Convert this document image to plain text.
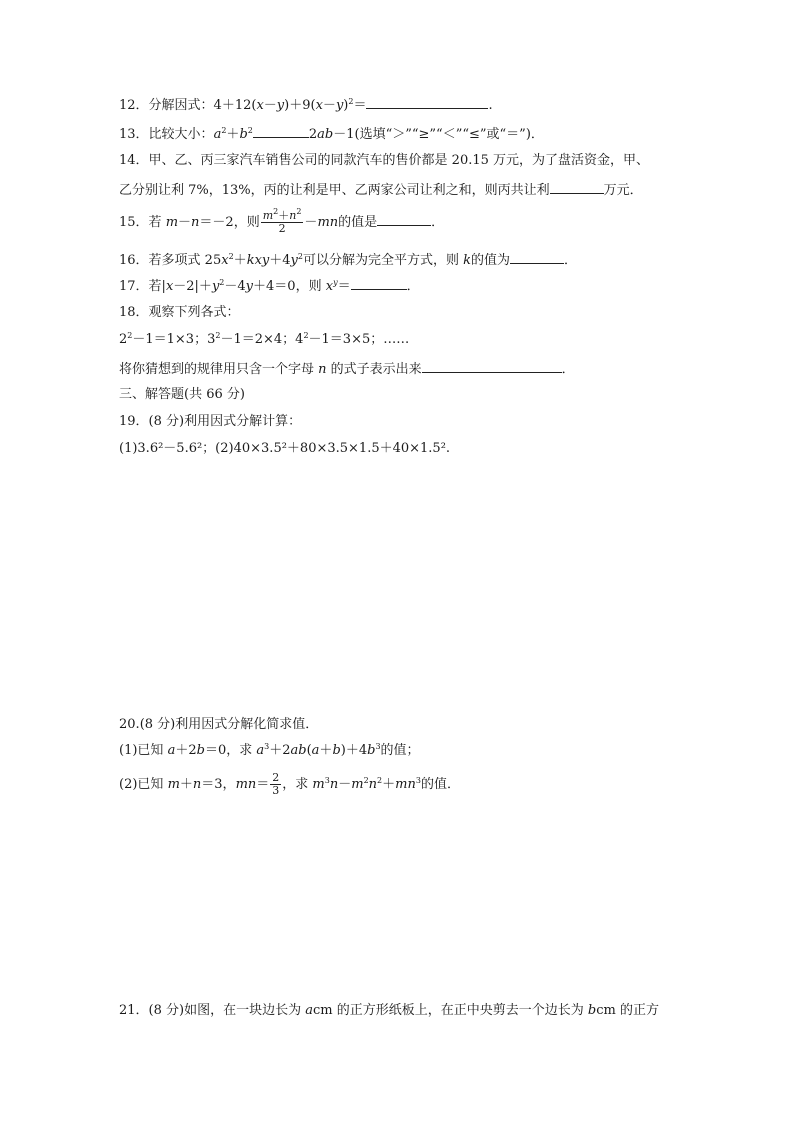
12．分解因式：$4+12(x-y)+9(x-y)^2=$	.
13．比较大小：$a^2+b^2$	2ab－1(选填“＞”“≥”“＜”“≤”或“＝”)．
14．甲、乙、丙三家汽车销售公司的同款汽车的售价都是 20.15 万元，为了盘活资金，甲、
乙分别让利 7%，13%，丙的让利是甲、乙两家公司让利之和，则丙共让利	万元．
15．若 m－n＝－2，则 $\frac{m^2+n^2}{2} -mn$的值是	．
16．若多项式 $25x^2+kxy+4y^2$可以分解为完全平方式，则 k的值为	．
17．若$|x-2|+y^2-4y+4=0$，则 $x^y=$	．
18．观察下列各式：
$2^2-1=1\times 3$；$3^2-1=2\times 4$；$4^2-1=3\times 5$；……
将你猜想到的规律用只含一个字母 n 的式子表示出来	．
三、解答题(共 66 分)
19．(8 分)利用因式分解计算：
(1)3.6²－5.6²；(2)40×3.5²＋80×3.5×1.5＋40×1.5².
20.(8 分)利用因式分解化简求值．
(1)已知 a＋2b＝0，求 $a^3+2ab(a+b)+4b^3$的值；
(2)已知 m＋n＝3，$mn= \frac{2}{3}$ ，求 $m^3n-m^2n^2+mn^3$的值．
21．(8 分)如图，在一块边长为 acm 的正方形纸板上，在正中央剪去一个边长为 bcm 的正方
